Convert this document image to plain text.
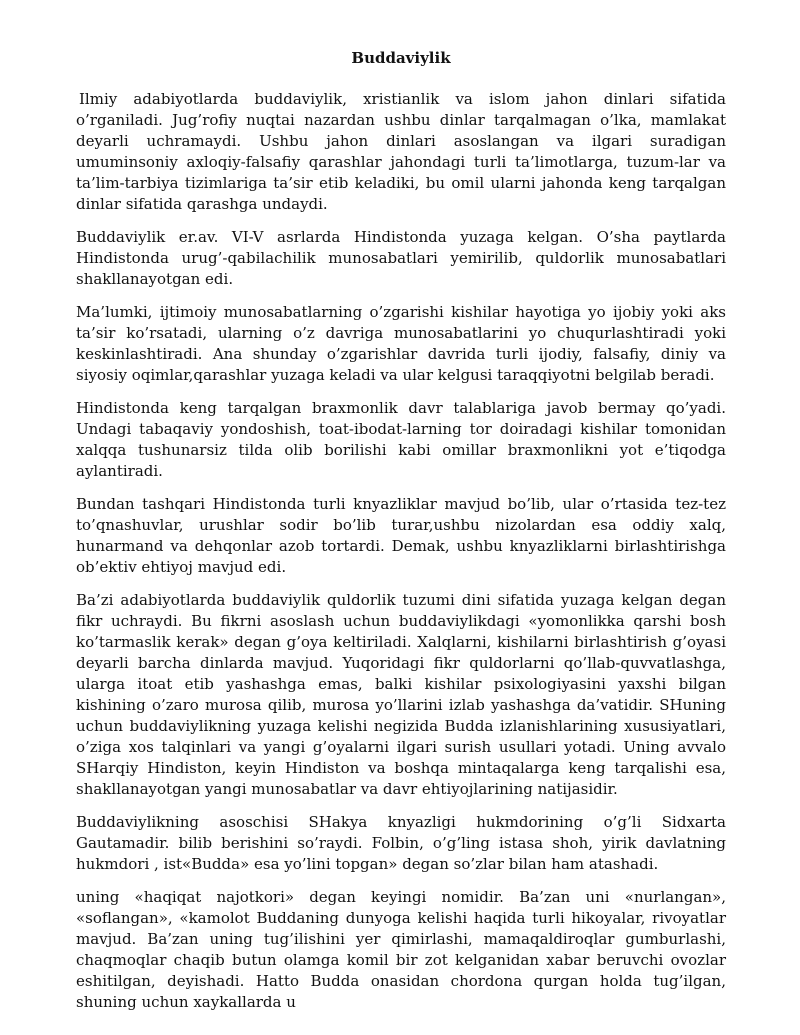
Buddaviylik

Ilmiy adabiyotlarda buddaviylik, xristianlik va islom jahon dinlari sifatida o’rganiladi. Jug’rofiy nuqtai nazardan ushbu dinlar tarqalmagan o’lka, mamlakat deyarli uchramaydi. Ushbu jahon dinlari asoslangan va ilgari suradigan umuminsoniy axloqiy-falsafiy qarashlar jahondagi turli ta’limotlarga, tuzum-lar va ta’lim-tarbiya tizimlariga ta’sir etib keladiki, bu omil ularni jahonda keng tarqalgan dinlar sifatida qarashga undaydi.

Buddaviylik er.av. VI-V asrlarda Hindistonda yuzaga kelgan. O’sha paytlarda Hindistonda urug’-qabilachilik munosabatlari yemirilib, quldorlik munosabatlari shakllanayotgan edi.

Ma’lumki, ijtimoiy munosabatlarning o’zgarishi kishilar hayotiga yo ijobiy yoki aks ta’sir ko’rsatadi, ularning o’z davriga munosabatlarini yo chuqurlashtiradi yoki keskinlashtiradi. Ana shunday o’zgarishlar davrida turli ijodiy, falsafiy, diniy va siyosiy oqimlar,qarashlar yuzaga keladi va ular kelgusi taraqqiyotni belgilab beradi.

Hindistonda keng tarqalgan braxmonlik davr talablariga javob bermay qo’yadi. Undagi tabaqaviy yondoshish, toat-ibodat-larning tor doiradagi kishilar tomonidan xalqqa tushunarsiz tilda olib borilishi kabi omillar braxmonlikni yot e’tiqodga aylantiradi.

Bundan tashqari Hindistonda turli knyazliklar mavjud bo’lib, ular o’rtasida tez-tez to’qnashuvlar, urushlar sodir bo’lib turar,ushbu nizolardan esa oddiy xalq, hunarmand va dehqonlar azob tortardi. Demak, ushbu knyazliklarni birlashtirishga ob’ektiv ehtiyoj mavjud edi.

Ba’zi adabiyotlarda buddaviylik quldorlik tuzumi dini sifatida yuzaga kelgan degan fikr uchraydi. Bu fikrni asoslash uchun buddaviylikdagi «yomonlikka qarshi bosh ko’tarmaslik kerak» degan g’oya keltiriladi. Xalqlarni, kishilarni birlashtirish g’oyasi deyarli barcha dinlarda mavjud. Yuqoridagi fikr quldorlarni qo’llab-quvvatlashga, ularga itoat etib yashashga emas, balki kishilar psixologiyasini yaxshi bilgan kishining o’zaro murosa qilib, murosa yo’llarini izlab yashashga da’vatidir. SHuning uchun buddaviylikning yuzaga kelishi negizida Budda izlanishlarining xususiyatlari, o’ziga xos talqinlari va yangi g’oyalarni ilgari surish usullari yotadi. Uning avvalo SHarqiy Hindiston, keyin Hindiston va boshqa mintaqalarga keng tarqalishi esa, shakllanayotgan yangi munosabatlar va davr ehtiyojlarining natijasidir.

Buddaviylikning asoschisi SHakya knyazligi hukmdorining o’g’li Sidxarta Gautamadir. bilib berishini so’raydi. Folbin, o’g’ling istasa shoh, yirik davlatning hukmdori , ist«Budda» esa yo’lini topgan» degan so’zlar bilan ham atashadi.

uning «haqiqat najotkori» degan keyingi nomidir. Ba’zan uni «nurlangan», «soflangan», «kamolot Buddaning dunyoga kelishi haqida turli hikoyalar, rivoyatlar mavjud. Ba’zan uning tug’ilishini yer qimirlashi, mamaqaldiroqlar gumburlashi, chaqmoqlar chaqib butun olamga komil bir zot kelganidan xabar beruvchi ovozlar eshitilgan, deyishadi. Hatto Budda onasidan chordona qurgan holda tug’ilgan, shuning uchun xaykallarda u
